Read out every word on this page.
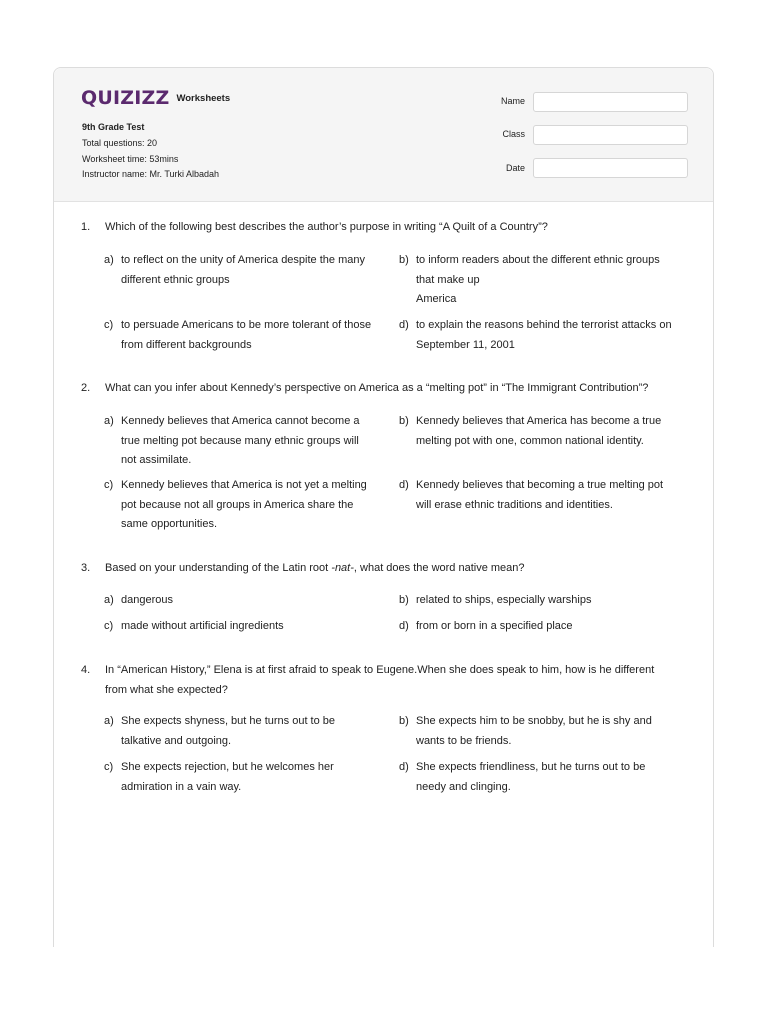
QUIZIZZ Worksheets
9th Grade Test
Total questions: 20
Worksheet time: 53mins
Instructor name: Mr. Turki Albadah
Name
Class
Date
1. Which of the following best describes the author’s purpose in writing “A Quilt of a Country”?
a) to reflect on the unity of America despite the many
different ethnic groups
b) to inform readers about the different ethnic groups
that make up
America
c) to persuade Americans to be more tolerant of those
from different backgrounds
d) to explain the reasons behind the terrorist attacks on
September 11, 2001
2. What can you infer about Kennedy’s perspective on America as a “melting pot” in “The Immigrant Contribution”?
a) Kennedy believes that America cannot become a
true melting pot because many ethnic groups will
not assimilate.
b) Kennedy believes that America has become a true
melting pot with one, common national identity.
c) Kennedy believes that America is not yet a melting
pot because not all groups in America share the
same opportunities.
d) Kennedy believes that becoming a true melting pot
will erase ethnic traditions and identities.
3. Based on your understanding of the Latin root -nat-, what does the word native mean?
a) dangerous	b) related to ships, especially warships
c) made without artificial ingredients	d) from or born in a specified place
4. In “American History,” Elena is at first afraid to speak to Eugene.When she does speak to him, how is he different
from what she expected?
a) She expects shyness, but he turns out to be
talkative and outgoing.
b) She expects him to be snobby, but he is shy and
wants to be friends.
c) She expects rejection, but he welcomes her
admiration in a vain way.
d) She expects friendliness, but he turns out to be
needy and clinging.
